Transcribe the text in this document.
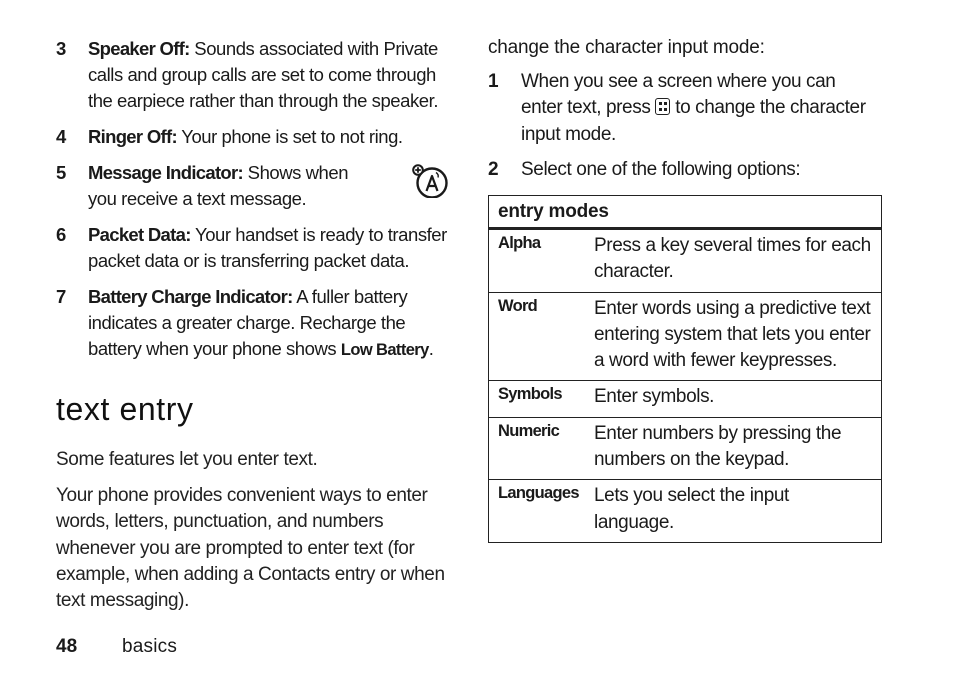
3 Speaker Off: Sounds associated with Private calls and group calls are set to come through the earpiece rather than through the speaker.
4 Ringer Off: Your phone is set to not ring.
5 Message Indicator: Shows when you receive a text message.
6 Packet Data: Your handset is ready to transfer packet data or is transferring packet data.
7 Battery Charge Indicator: A fuller battery indicates a greater charge. Recharge the battery when your phone shows Low Battery.
text entry
Some features let you enter text.
Your phone provides convenient ways to enter words, letters, punctuation, and numbers whenever you are prompted to enter text (for example, when adding a Contacts entry or when text messaging).
48 basics
change the character input mode:
1 When you see a screen where you can enter text, press
to change the character input mode.
2 Select one of the following options:
entry modes	
Alpha	Press a key several times for each character.
Word	Enter words using a predictive text entering system that lets you enter a word with fewer keypresses.
Symbols	Enter symbols.
Numeric	Enter numbers by pressing the numbers on the keypad.
Languages	Lets you select the input language.
